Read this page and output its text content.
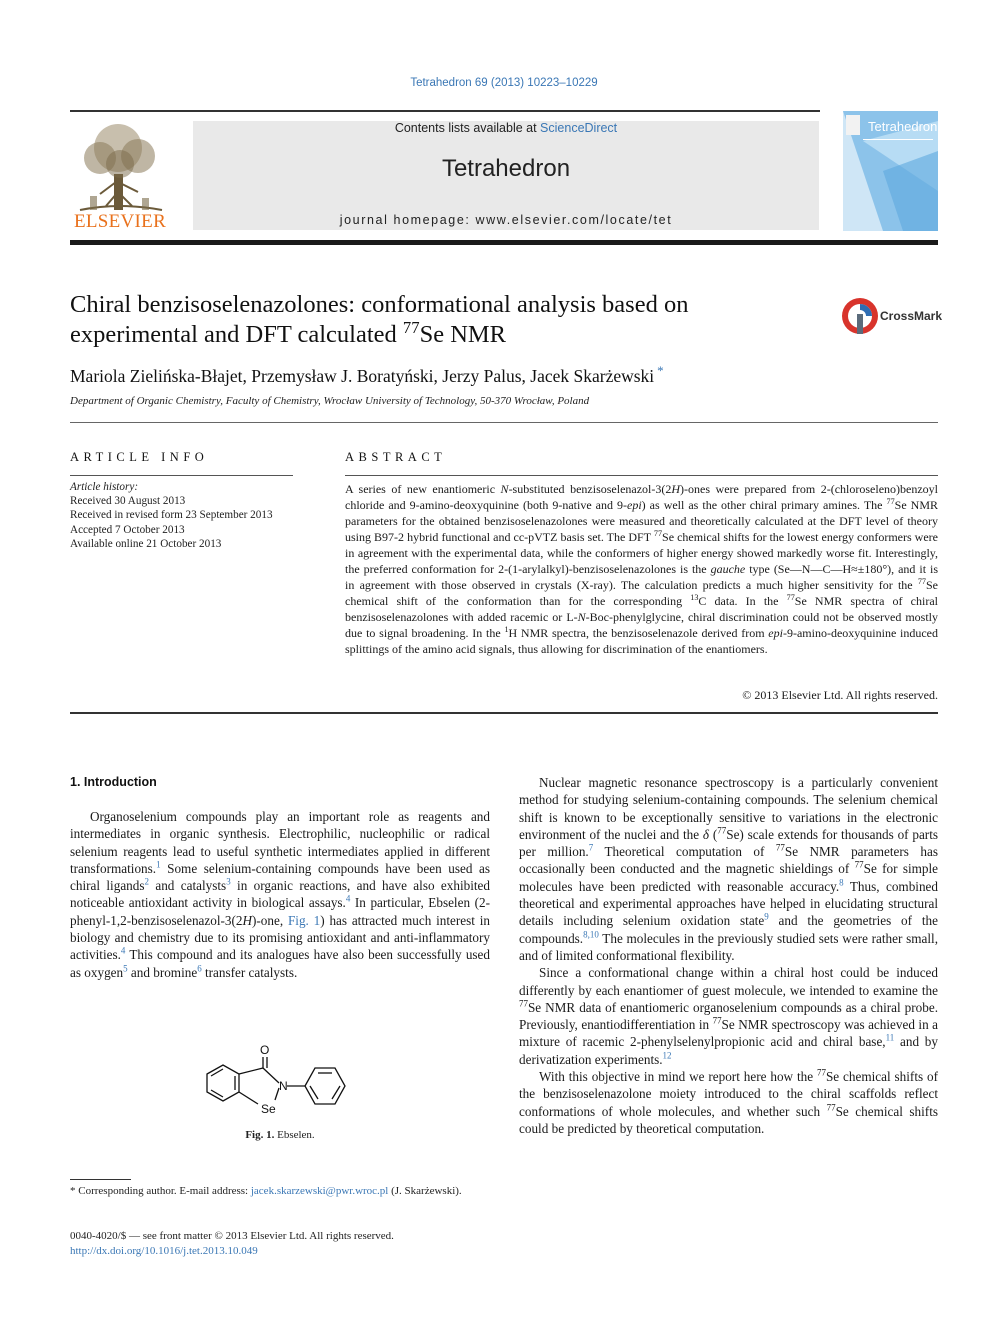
Tetrahedron 69 (2013) 10223–10229
ELSEVIER
Contents lists available at ScienceDirect
Tetrahedron
journal homepage: www.elsevier.com/locate/tet
Tetrahedron
Chiral benzisoselenazolones: conformational analysis based on
experimental and DFT calculated $^{77}$Se NMR
CrossMark
Mariola Zielińska-Błajet, Przemysław J. Boratyński, Jerzy Palus, Jacek Skarżewski *
Department of Organic Chemistry, Faculty of Chemistry, Wrocław University of Technology, 50-370 Wrocław, Poland
ARTICLE INFO
Article history:
Received 30 August 2013
Received in revised form 23 September 2013
Accepted 7 October 2013
Available online 21 October 2013
ABSTRACT
A series of new enantiomeric N-substituted benzisoselenazol-3(2H)-ones were prepared from 2-(chloroseleno)benzoyl chloride and 9-amino-deoxyquinine (both 9-native and 9-epi) as well as the other chiral primary amines. The $^{77}$Se NMR parameters for the obtained benzisoselenazolones were measured and theoretically calculated at the DFT level of theory using B97-2 hybrid functional and cc-pVTZ basis set. The DFT $^{77}$Se chemical shifts for the lowest energy conformers were in agreement with the experimental data, while the conformers of higher energy showed markedly worse fit. Interestingly, the preferred conformation for 2-(1-arylalkyl)-benzisoselenazolones is the gauche type (Se—N—C—H≈±180°), and it is in agreement with those observed in crystals (X-ray). The calculation predicts a much higher sensitivity for the $^{77}$Se chemical shift of the conformation than for the corresponding $^{13}$C data. In the $^{77}$Se NMR spectra of chiral benzisoselenazolones with added racemic or L-N-Boc-phenylglycine, chiral discrimination could not be observed mostly due to signal broadening. In the $^1$H NMR spectra, the benzisoselenazole derived from epi-9-amino-deoxyquinine induced splittings of the amino acid signals, thus allowing for discrimination of the enantiomers.
© 2013 Elsevier Ltd. All rights reserved.
1. Introduction

Organoselenium compounds play an important role as reagents and intermediates in organic synthesis. Electrophilic, nucleophilic or radical selenium reagents lead to useful synthetic intermediates applied in different transformations.$^1$ Some selenium-containing compounds have been used as chiral ligands$^2$ and catalysts$^3$ in organic reactions, and have also exhibited noticeable antioxidant activity in biological assays.$^4$ In particular, Ebselen (2-phenyl-1,2-benzisoselenazol-3(2H)-one, Fig. 1) has attracted much interest in biology and chemistry due to its promising antioxidant and anti-inflammatory activities.$^4$ This compound and its analogues have also been successfully used as oxygen$^5$ and bromine$^6$ transfer catalysts.

O
N
Se
Fig. 1. Ebselen.

Nuclear magnetic resonance spectroscopy is a particularly convenient method for studying selenium-containing compounds. The selenium chemical shift is known to be exceptionally sensitive to variations in the electronic environment of the nuclei and the δ ($^{77}$Se) scale extends for thousands of parts per million.$^7$ Theoretical computation of $^{77}$Se NMR parameters has occasionally been conducted and the magnetic shieldings of $^{77}$Se for simple molecules have been predicted with reasonable accuracy.$^8$ Thus, combined theoretical and experimental approaches have helped in elucidating structural details including selenium oxidation state$^9$ and the geometries of the compounds.$^{8,10}$ The molecules in the previously studied sets were rather small, and of limited conformational flexibility.

Since a conformational change within a chiral host could be induced differently by each enantiomer of guest molecule, we intended to examine the $^{77}$Se NMR data of enantiomeric organoselenium compounds as a chiral probe. Previously, enantiodifferentiation in $^{77}$Se NMR spectroscopy was achieved in a mixture of racemic 2-phenylselenylpropionic acid and chiral base,$^{11}$ and by derivatization experiments.$^{12}$

With this objective in mind we report here how the $^{77}$Se chemical shifts of the benzisoselenazolone moiety introduced to the chiral scaffolds reflect conformations of whole molecules, and whether such $^{77}$Se chemical shifts could be predicted by theoretical computation.

* Corresponding author. E-mail address: jacek.skarzewski@pwr.wroc.pl (J. Skarżewski).
0040-4020/$ — see front matter © 2013 Elsevier Ltd. All rights reserved.
http://dx.doi.org/10.1016/j.tet.2013.10.049
